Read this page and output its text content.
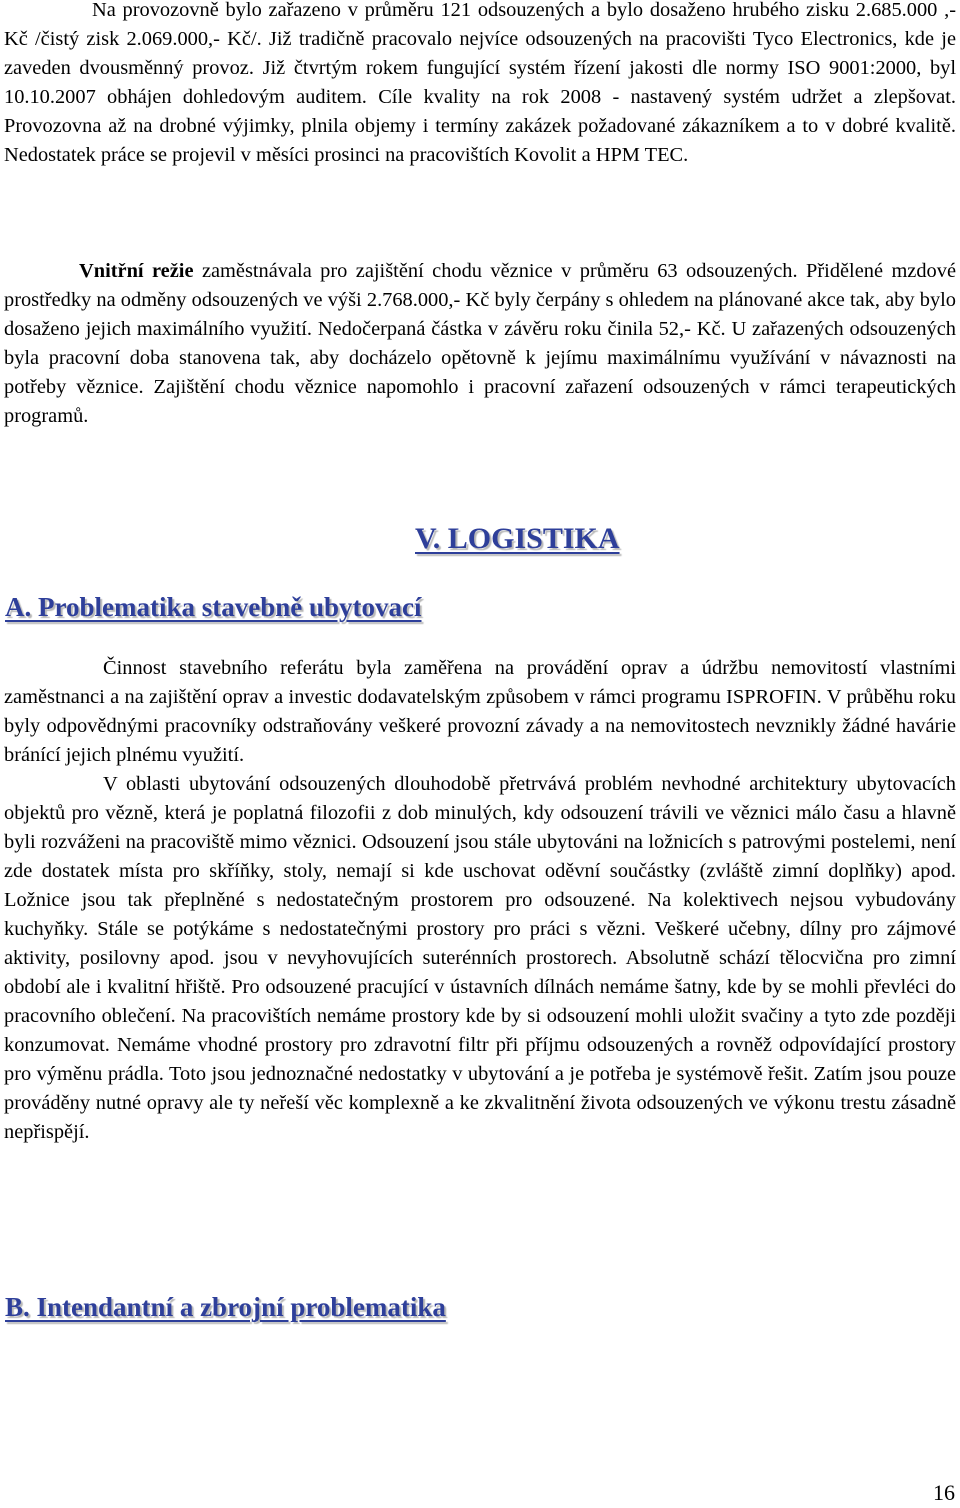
Na provozovně bylo zařazeno v průměru 121 odsouzených a bylo dosaženo hrubého zisku 2.685.000 ,- Kč /čistý zisk 2.069.000,- Kč/. Již tradičně pracovalo nejvíce odsouzených na pracovišti Tyco Electronics, kde je zaveden dvousměnný provoz. Již čtvrtým rokem fungující systém řízení jakosti dle normy ISO 9001:2000, byl 10.10.2007 obhájen dohledovým auditem. Cíle kvality na rok 2008 - nastavený systém udržet a zlepšovat. Provozovna až na drobné výjimky, plnila objemy i termíny zakázek požadované zákazníkem a to v dobré kvalitě. Nedostatek práce se projevil v měsíci prosinci na pracovištích Kovolit a HPM TEC.

Vnitřní režie zaměstnávala pro zajištění chodu věznice v průměru 63 odsouzených. Přidělené mzdové prostředky na odměny odsouzených ve výši 2.768.000,- Kč byly čerpány s ohledem na plánované akce tak, aby bylo dosaženo jejich maximálního využití. Nedočerpaná částka v závěru roku činila 52,- Kč. U zařazených odsouzených byla pracovní doba stanovena tak, aby docházelo opětovně k jejímu maximálnímu využívání v návaznosti na potřeby věznice. Zajištění chodu věznice napomohlo i pracovní zařazení odsouzených v rámci terapeutických programů.

V. LOGISTIKA
A. Problematika stavebně ubytovací

Činnost stavebního referátu byla zaměřena na provádění oprav a údržbu nemovitostí vlastními zaměstnanci a na zajištění oprav a investic dodavatelským způsobem v rámci programu ISPROFIN. V průběhu roku byly odpovědnými pracovníky odstraňovány veškeré provozní závady a na nemovitostech nevznikly žádné havárie bránící jejich plnému využití.

V oblasti ubytování odsouzených dlouhodobě přetrvává problém nevhodné architektury ubytovacích objektů pro vězně, která je poplatná filozofii z dob minulých, kdy odsouzení trávili ve věznici málo času a hlavně byli rozváženi na pracoviště mimo věznici. Odsouzení jsou stále ubytováni na ložnicích s patrovými postelemi, není zde dostatek místa pro skříňky, stoly, nemají si kde uschovat oděvní součástky (zvláště zimní doplňky) apod. Ložnice jsou tak přeplněné s nedostatečným prostorem pro odsouzené. Na kolektivech nejsou vybudovány kuchyňky. Stále se potýkáme s nedostatečnými prostory pro práci s vězni. Veškeré učebny, dílny pro zájmové aktivity, posilovny apod. jsou v nevyhovujících suterénních prostorech. Absolutně schází tělocvična pro zimní období ale i kvalitní hřiště. Pro odsouzené pracující v ústavních dílnách nemáme šatny, kde by se mohli převléci do pracovního oblečení. Na pracovištích nemáme prostory kde by si odsouzení mohli uložit svačiny a tyto zde později konzumovat. Nemáme vhodné prostory pro zdravotní filtr při příjmu odsouzených a rovněž odpovídající prostory pro výměnu prádla. Toto jsou jednoznačné nedostatky v ubytování a je potřeba je systémově řešit. Zatím jsou pouze prováděny nutné opravy ale ty neřeší věc komplexně a ke zkvalitnění života odsouzených ve výkonu trestu zásadně nepřispějí.

B. Intendantní a zbrojní problematika
16
